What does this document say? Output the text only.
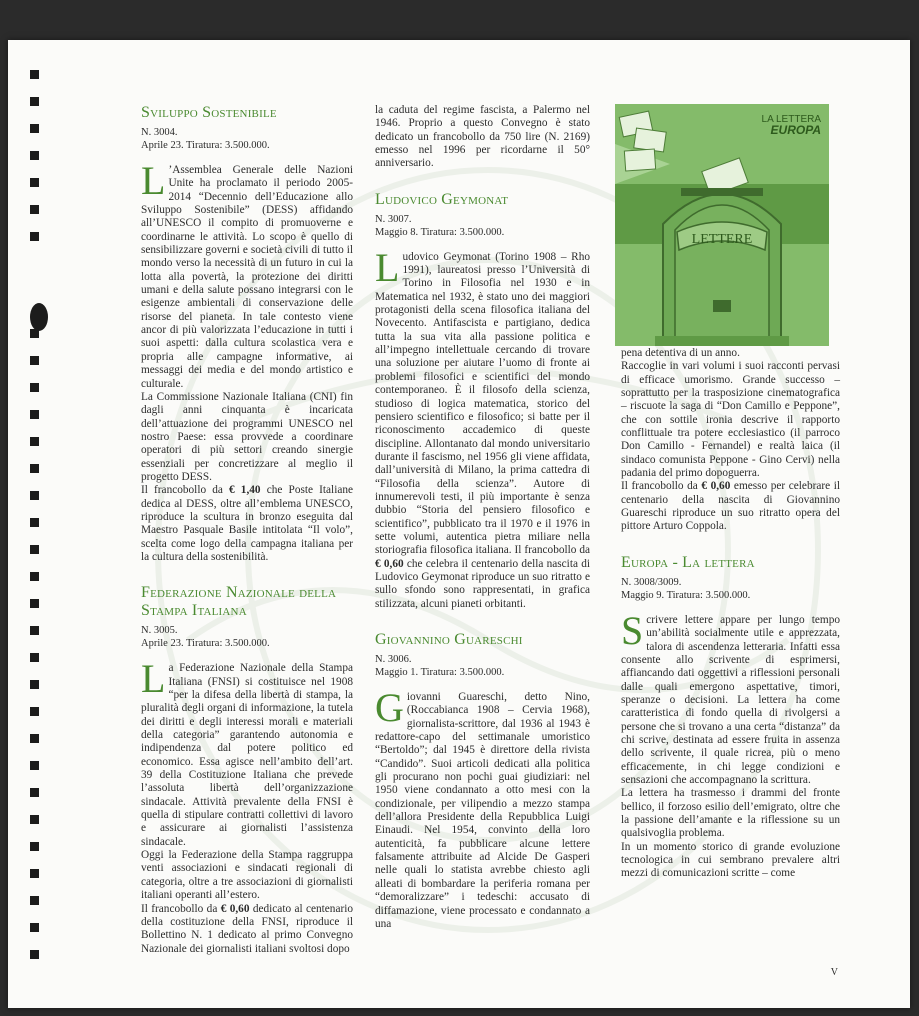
Sviluppo Sostenibile

N. 3004.

Aprile 23. Tiratura: 3.500.000.

L ’Assemblea Generale delle Nazioni Unite ha proclamato il periodo 2005-2014 “Decennio dell’Educazione allo Sviluppo Sostenibile” (DESS) affidando all’UNESCO il compito di promuoverne e coordinarne le attività. Lo scopo è quello di sensibilizzare governi e società civili di tutto il mondo verso la necessità di un futuro in cui la lotta alla povertà, la protezione dei diritti umani e della salute possano integrarsi con le esigenze ambientali di conservazione delle risorse del pianeta. In tale contesto viene ancor di più valorizzata l’educazione in tutti i suoi aspetti: dalla cultura scolastica vera e propria alle campagne informative, ai messaggi dei media e del mondo artistico e culturale.

La Commissione Nazionale Italiana (CNI) fin dagli anni cinquanta è incaricata dell’attuazione dei programmi UNESCO nel nostro Paese: essa provvede a coordinare operatori di più settori creando sinergie essenziali per concretizzare al meglio il progetto DESS.

Il francobollo da € 1,40 che Poste Italiane dedica al DESS, oltre all’emblema UNESCO, riproduce la scultura in bronzo eseguita dal Maestro Pasquale Basile intitolata “Il volo”, scelta come logo della campagna italiana per la cultura della sostenibilità.

Federazione Nazionale della Stampa Italiana

N. 3005.

Aprile 23. Tiratura: 3.500.000.

La Federazione Nazionale della Stampa Italiana (FNSI) si costituisce nel 1908 “per la difesa della libertà di stampa, la pluralità degli organi di informazione, la tutela dei diritti e degli interessi morali e materiali della categoria” garantendo autonomia e indipendenza dal potere politico ed economico. Essa agisce nell’ambito dell’art. 39 della Costituzione Italiana che prevede l’assoluta libertà dell’organizzazione sindacale. Attività prevalente della FNSI è quella di stipulare contratti collettivi di lavoro e assicurare ai giornalisti l’assistenza sindacale.

Oggi la Federazione della Stampa raggruppa venti associazioni e sindacati regionali di categoria, oltre a tre associazioni di giornalisti italiani operanti all’estero.

Il francobollo da € 0,60 dedicato al centenario della costituzione della FNSI, riproduce il Bollettino N. 1 dedicato al primo Convegno Nazionale dei giornalisti italiani svoltosi dopo

la caduta del regime fascista, a Palermo nel 1946. Proprio a questo Convegno è stato dedicato un francobollo da 750 lire (N. 2169) emesso nel 1996 per ricordarne il 50° anniversario.

Ludovico Geymonat

N. 3007.

Maggio 8. Tiratura: 3.500.000.

Ludovico Geymonat (Torino 1908 – Rho 1991), laureatosi presso l’Università di Torino in Filosofia nel 1930 e in Matematica nel 1932, è stato uno dei maggiori protagonisti della scena filosofica italiana del Novecento. Antifascista e partigiano, dedica tutta la sua vita alla passione politica e all’impegno intellettuale cercando di trovare una soluzione per aiutare l’uomo di fronte ai problemi filosofici e scientifici del mondo contemporaneo. È il filosofo della scienza, studioso di logica matematica, storico del pensiero scientifico e filosofico; si batte per il riconoscimento accademico di queste discipline. Allontanato dal mondo universitario durante il fascismo, nel 1956 gli viene affidata, dall’università di Milano, la prima cattedra di “Filosofia della scienza”. Autore di innumerevoli testi, il più importante è senza dubbio “Storia del pensiero filosofico e scientifico”, pubblicato tra il 1970 e il 1976 in sette volumi, autentica pietra miliare nella storiografia filosofica italiana. Il francobollo da € 0,60 che celebra il centenario della nascita di Ludovico Geymonat riproduce un suo ritratto e sullo sfondo sono rappresentati, in grafica stilizzata, alcuni pianeti orbitanti.

Giovannino Guareschi

N. 3006.

Maggio 1. Tiratura: 3.500.000.

Giovanni Guareschi, detto Nino, (Roccabianca 1908 – Cervia 1968), giornalista-scrittore, dal 1936 al 1943 è redattore-capo del settimanale umoristico “Bertoldo”; dal 1945 è direttore della rivista “Candido”. Suoi articoli dedicati alla politica gli procurano non pochi guai giudiziari: nel 1950 viene condannato a otto mesi con la condizionale, per vilipendio a mezzo stampa dell’allora Presidente della Repubblica Luigi Einaudi. Nel 1954, convinto della loro autenticità, fa pubblicare alcune lettere falsamente attribuite ad Alcide De Gasperi nelle quali lo statista avrebbe chiesto agli alleati di bombardare la periferia romana per “demoralizzare” i tedeschi: accusato di diffamazione, viene processato e condannato a una

LETTERE
LA LETTERA
EUROPA

pena detentiva di un anno.

Raccoglie in vari volumi i suoi racconti pervasi di efficace umorismo. Grande successo – soprattutto per la trasposizione cinematografica – riscuote la saga di “Don Camillo e Peppone”, che con sottile ironia descrive il rapporto conflittuale tra potere ecclesiastico (il parroco Don Camillo - Fernandel) e realtà laica (il sindaco comunista Peppone - Gino Cervi) nella padania del primo dopoguerra.

Il francobollo da € 0,60 emesso per celebrare il centenario della nascita di Giovannino Guareschi riproduce un suo ritratto opera del pittore Arturo Coppola.

Europa - La lettera

N. 3008/3009.

Maggio 9. Tiratura: 3.500.000.

Scrivere lettere appare per lungo tempo un’abilità socialmente utile e apprezzata, talora di ascendenza letteraria. Infatti essa consente allo scrivente di esprimersi, affiancando dati oggettivi a riflessioni personali dalle quali emergono aspettative, timori, speranze o decisioni. La lettera ha come caratteristica di fondo quella di rivolgersi a persone che si trovano a una certa “distanza” da chi scrive, destinata ad essere fruita in assenza dello scrivente, il quale ricrea, più o meno efficacemente, in chi legge condizioni e sensazioni che accompagnano la scrittura.

La lettera ha trasmesso i drammi del fronte bellico, il forzoso esilio dell’emigrato, oltre che la passione dell’amante e la riflessione su un qualsivoglia problema.

In un momento storico di grande evoluzione tecnologica in cui sembrano prevalere altri mezzi di comunicazioni scritte – come

V
